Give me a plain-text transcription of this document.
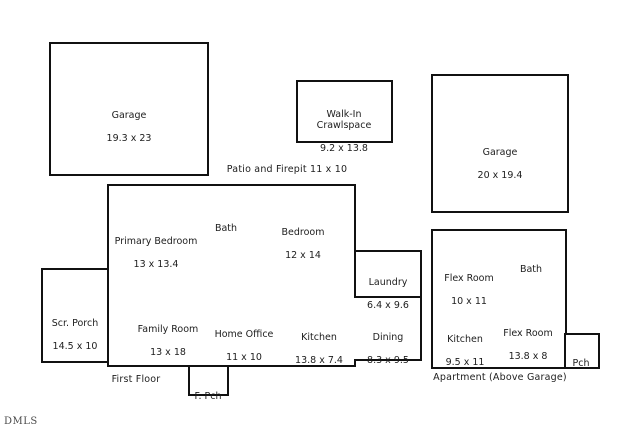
Garage

19.3 x 23

Walk-In
Crawlspace

9.2 x 13.8	Garage

20 x 19.4

Patio and Firepit 11 x 10

Primary Bedroom

13 x 13.4

Bath	Bedroom

12 x 14

Laundry

6.4 x 9.6

Family Room

13 x 18

Home Office

11 x 10

Kitchen

13.8 x 7.4

Dining

8.3 x 9.5

Scr. Porch

14.5 x 10

F. Pch

First Floor

Flex Room

10 x 11

Bath

Kitchen

9.5 x 11

Flex Room

13.8 x 8

Pch

Apartment (Above Garage)
DMLS
